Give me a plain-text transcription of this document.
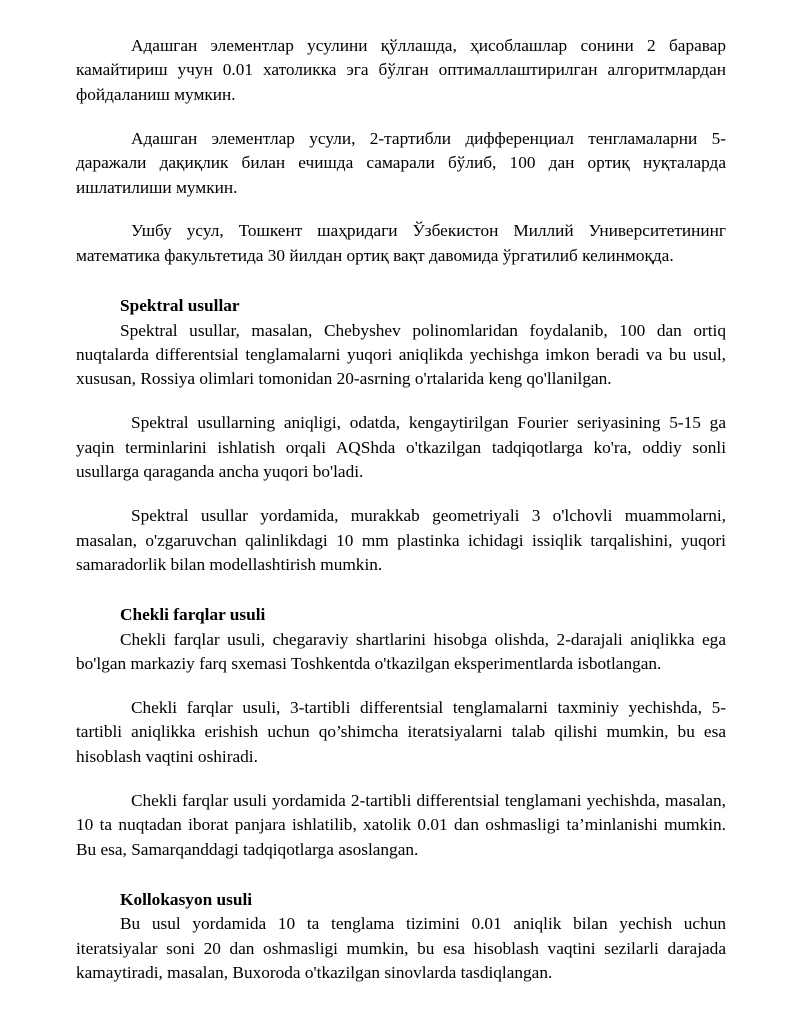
Адашган элементлар усулини қўллашда, ҳисоблашлар сонини 2 баравар камайтириш учун 0.01 хатоликка эга бўлган оптималлаштирилган алгоритмлардан фойдаланиш мумкин.

Адашган элементлар усули, 2-тартибли дифференциал тенгламаларни 5-даражали дақиқлик билан ечишда самарали бўлиб, 100 дан ортиқ нуқталарда ишлатилиши мумкин.

Ушбу усул, Тошкент шаҳридаги Ўзбекистон Миллий Университетининг математика факультетида 30 йилдан ортиқ вақт давомида ўргатилиб келинмоқда.

Spektral usullar

Spektral usullar, masalan, Chebyshev polinomlaridan foydalanib, 100 dan ortiq nuqtalarda differentsial tenglamalarni yuqori aniqlikda yechishga imkon beradi va bu usul, xususan, Rossiya olimlari tomonidan 20-asrning o'rtalarida keng qo'llanilgan.

Spektral usullarning aniqligi, odatda, kengaytirilgan Fourier seriyasining 5-15 ga yaqin terminlarini ishlatish orqali AQShda o'tkazilgan tadqiqotlarga ko'ra, oddiy sonli usullarga qaraganda ancha yuqori bo'ladi.

Spektral usullar yordamida, murakkab geometriyali 3 o'lchovli muammolarni, masalan, o'zgaruvchan qalinlikdagi 10 mm plastinka ichidagi issiqlik tarqalishini, yuqori samaradorlik bilan modellashtirish mumkin.

Chekli farqlar usuli

Chekli farqlar usuli, chegaraviy shartlarini hisobga olishda, 2-darajali aniqlikka ega bo'lgan markaziy farq sxemasi Toshkentda o'tkazilgan eksperimentlarda isbotlangan.

Chekli farqlar usuli, 3-tartibli differentsial tenglamalarni taxminiy yechishda, 5-tartibli aniqlikka erishish uchun qo’shimcha iteratsiyalarni talab qilishi mumkin, bu esa hisoblash vaqtini oshiradi.

Chekli farqlar usuli yordamida 2-tartibli differentsial tenglamani yechishda, masalan, 10 ta nuqtadan iborat panjara ishlatilib, xatolik 0.01 dan oshmasligi ta’minlanishi mumkin. Bu esa, Samarqanddagi tadqiqotlarga asoslangan.

Kollokasyon usuli

Bu usul yordamida 10 ta tenglama tizimini 0.01 aniqlik bilan yechish uchun iteratsiyalar soni 20 dan oshmasligi mumkin, bu esa hisoblash vaqtini sezilarli darajada kamaytiradi, masalan, Buxoroda o'tkazilgan sinovlarda tasdiqlangan.
